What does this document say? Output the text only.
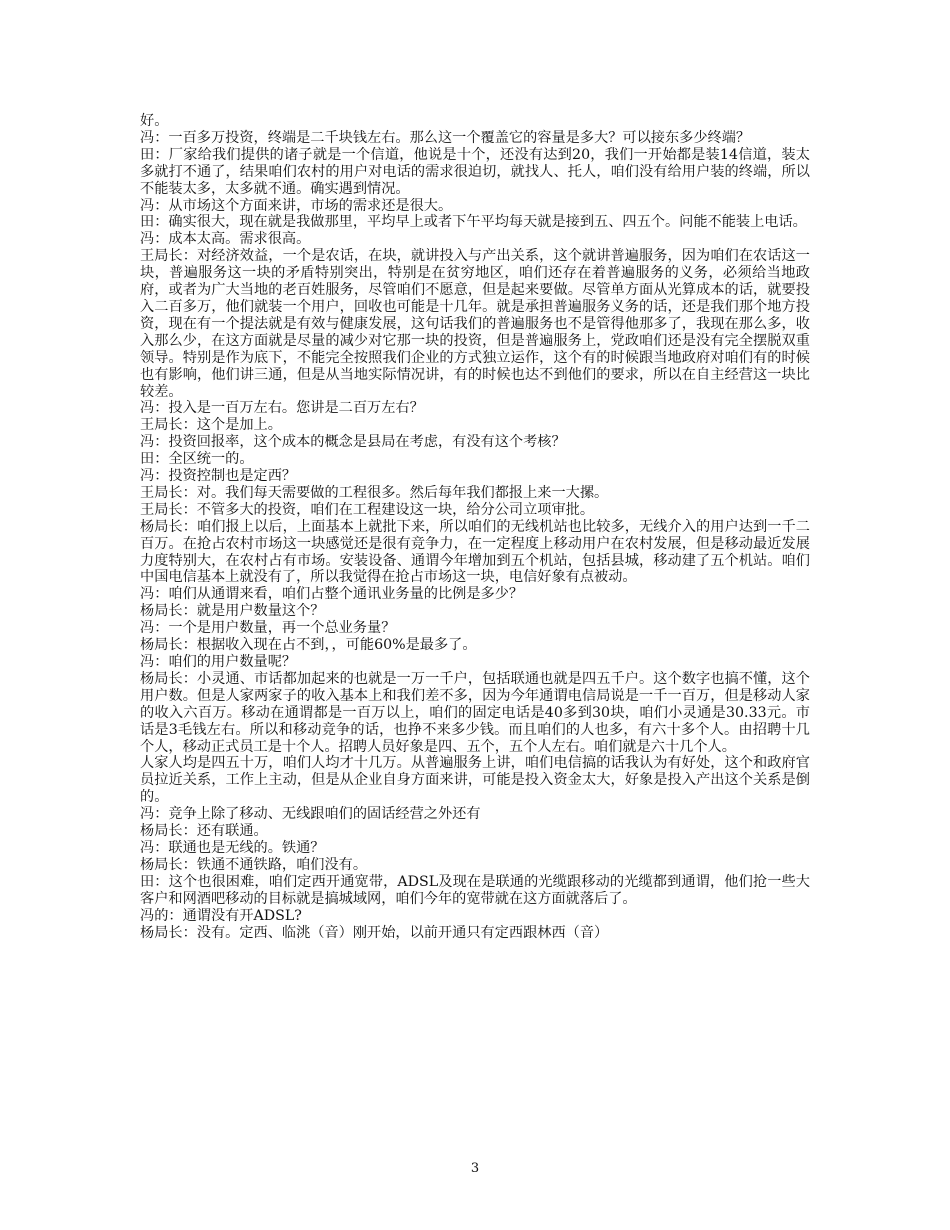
好。

冯：一百多万投资，终端是二千块钱左右。那么这一个覆盖它的容量是多大？可以接东多少终端？

田：厂家给我们提供的诸子就是一个信道，他说是十个，还没有达到20，我们一开始都是装14信道，装太多就打不通了，结果咱们农村的用户对电话的需求很迫切，就找人、托人，咱们没有给用户装的终端，所以不能装太多，太多就不通。确实遇到情况。

冯：从市场这个方面来讲，市场的需求还是很大。

田：确实很大，现在就是我做那里，平均早上或者下午平均每天就是接到五、四五个。问能不能装上电话。

冯：成本太高。需求很高。

王局长：对经济效益，一个是农话，在块，就讲投入与产出关系，这个就讲普遍服务，因为咱们在农话这一块，普遍服务这一块的矛盾特别突出，特别是在贫穷地区，咱们还存在着普遍服务的义务，必须给当地政府，或者为广大当地的老百姓服务，尽管咱们不愿意，但是起来要做。尽管单方面从光算成本的话，就要投入二百多万，他们就装一个用户，回收也可能是十几年。就是承担普遍服务义务的话，还是我们那个地方投资，现在有一个提法就是有效与健康发展，这句话我们的普遍服务也不是管得他那多了，我现在那么多，收入那么少，在这方面就是尽量的减少对它那一块的投资，但是普遍服务上，党政咱们还是没有完全摆脱双重领导。特别是作为底下，不能完全按照我们企业的方式独立运作，这个有的时候跟当地政府对咱们有的时候也有影响，他们讲三通，但是从当地实际情况讲，有的时候也达不到他们的要求，所以在自主经营这一块比较差。

冯：投入是一百万左右。您讲是二百万左右？

王局长：这个是加上。

冯：投资回报率，这个成本的概念是县局在考虑，有没有这个考核？

田：全区统一的。

冯：投资控制也是定西？

王局长：对。我们每天需要做的工程很多。然后每年我们都报上来一大摞。

王局长：不管多大的投资，咱们在工程建设这一块，给分公司立项审批。

杨局长：咱们报上以后，上面基本上就批下来，所以咱们的无线机站也比较多，无线介入的用户达到一千二百万。在抢占农村市场这一块感觉还是很有竞争力，在一定程度上移动用户在农村发展，但是移动最近发展力度特别大，在农村占有市场。安装设备、通谓今年增加到五个机站，包括县城，移动建了五个机站。咱们中国电信基本上就没有了，所以我觉得在抢占市场这一块，电信好象有点被动。

冯：咱们从通谓来看，咱们占整个通讯业务量的比例是多少？

杨局长：就是用户数量这个？

冯：一个是用户数量，再一个总业务量？

杨局长：根据收入现在占不到，，可能60%是最多了。

冯：咱们的用户数量呢？

杨局长：小灵通、市话都加起来的也就是一万一千户，包括联通也就是四五千户。这个数字也搞不懂，这个用户数。但是人家两家子的收入基本上和我们差不多，因为今年通谓电信局说是一千一百万，但是移动人家的收入六百万。移动在通谓都是一百万以上，咱们的固定电话是40多到30块，咱们小灵通是30.33元。市话是3毛钱左右。所以和移动竞争的话，也挣不来多少钱。而且咱们的人也多，有六十多个人。由招聘十几个人，移动正式员工是十个人。招聘人员好象是四、五个，五个人左右。咱们就是六十几个人。

人家人均是四五十万，咱们人均才十几万。从普遍服务上讲，咱们电信搞的话我认为有好处，这个和政府官员拉近关系，工作上主动，但是从企业自身方面来讲，可能是投入资金太大，好象是投入产出这个关系是倒的。

冯：竞争上除了移动、无线跟咱们的固话经营之外还有

杨局长：还有联通。

冯：联通也是无线的。铁通？

杨局长：铁通不通铁路，咱们没有。

田：这个也很困难，咱们定西开通宽带，ADSL及现在是联通的光缆跟移动的光缆都到通谓，他们抢一些大客户和网酒吧移动的目标就是搞城域网，咱们今年的宽带就在这方面就落后了。

冯的：通谓没有开ADSL?

杨局长：没有。定西、临洮（音）刚开始，以前开通只有定西跟林西（音）

3
